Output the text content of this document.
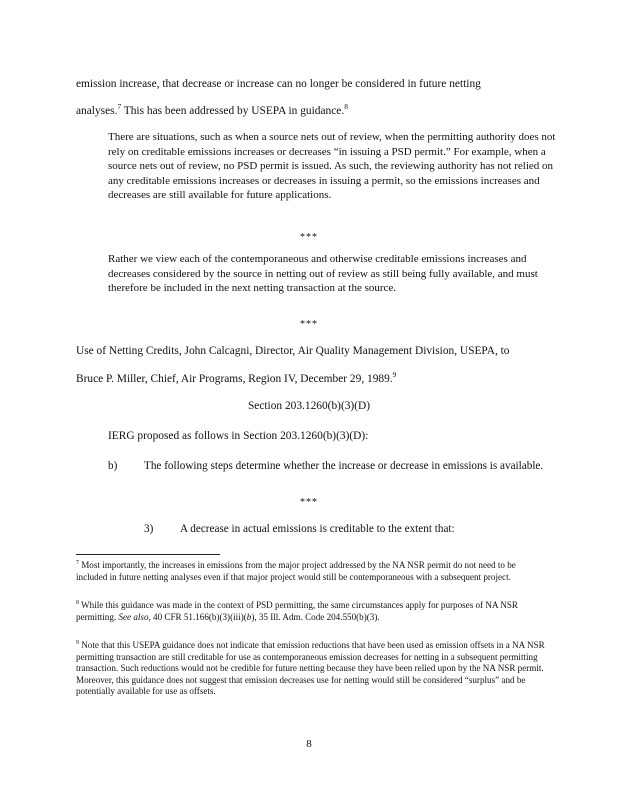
emission increase, that decrease or increase can no longer be considered in future netting
analyses.$^7$ This has been addressed by USEPA in guidance.$^8$
There are situations, such as when a source nets out of review, when the permitting authority does not rely on creditable emissions increases or decreases “in issuing a PSD permit.” For example, when a source nets out of review, no PSD permit is issued. As such, the reviewing authority has not relied on any creditable emissions increases or decreases in issuing a permit, so the emissions increases and decreases are still available for future applications.
***
Rather we view each of the contemporaneous and otherwise creditable emissions increases and decreases considered by the source in netting out of review as still being fully available, and must therefore be included in the next netting transaction at the source.
***
Use of Netting Credits, John Calcagni, Director, Air Quality Management Division, USEPA, to
Bruce P. Miller, Chief, Air Programs, Region IV, December 29, 1989.$^9$
Section 203.1260(b)(3)(D)
IERG proposed as follows in Section 203.1260(b)(3)(D):
b) The following steps determine whether the increase or decrease in emissions is available.
***
3) A decrease in actual emissions is creditable to the extent that:
$^7$ Most importantly, the increases in emissions from the major project addressed by the NA NSR permit do not need to be included in future netting analyses even if that major project would still be contemporaneous with a subsequent project.
$^8$ While this guidance was made in the context of PSD permitting, the same circumstances apply for purposes of NA NSR permitting. See also, 40 CFR 51.166(b)(3)(iii)(b), 35 Ill. Adm. Code 204.550(b)(3).
$^9$ Note that this USEPA guidance does not indicate that emission reductions that have been used as emission offsets in a NA NSR permitting transaction are still creditable for use as contemporaneous emission decreases for netting in a subsequent permitting transaction. Such reductions would not be credible for future netting because they have been relied upon by the NA NSR permit. Moreover, this guidance does not suggest that emission decreases use for netting would still be considered “surplus” and be potentially available for use as offsets.
8
